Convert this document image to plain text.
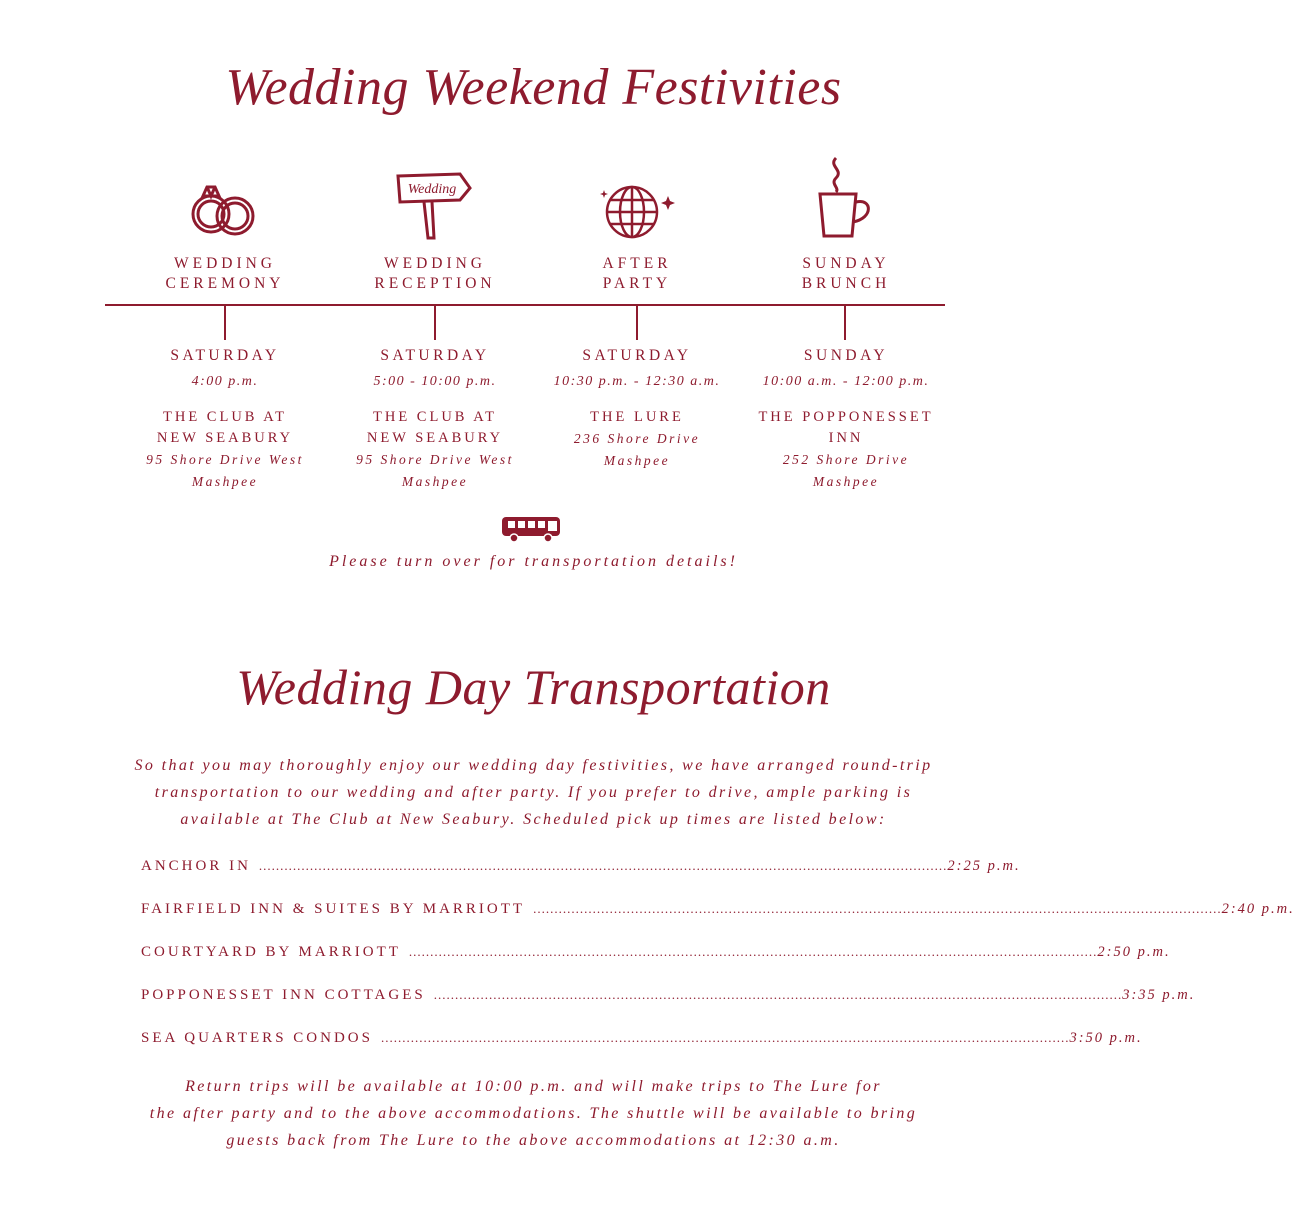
Wedding Weekend Festivities
WEDDING
CEREMONY
Wedding
WEDDING
RECEPTION
AFTER
PARTY
SUNDAY
BRUNCH
SATURDAY
4:00 p.m.
THE CLUB AT
NEW SEABURY
95 Shore Drive West
Mashpee
SATURDAY
5:00 - 10:00 p.m.
THE CLUB AT
NEW SEABURY
95 Shore Drive West
Mashpee
SATURDAY
10:30 p.m. - 12:30 a.m.
THE LURE
236 Shore Drive
Mashpee
SUNDAY
10:00 a.m. - 12:00 p.m.
THE POPPONESSET
INN
252 Shore Drive
Mashpee
Please turn over for transportation details!
Wedding Day Transportation
So that you may thoroughly enjoy our wedding day festivities, we have arranged round-trip
transportation to our wedding and after party. If you prefer to drive, ample parking is
available at The Club at New Seabury. Scheduled pick up times are listed below:
ANCHOR IN .................................................................................................................................................................. 2:25 p.m.
FAIRFIELD INN & SUITES BY MARRIOTT .................................................................................................................................................................. 2:40 p.m.
COURTYARD BY MARRIOTT .................................................................................................................................................................. 2:50 p.m.
POPPONESSET INN COTTAGES .................................................................................................................................................................. 3:35 p.m.
SEA QUARTERS CONDOS .................................................................................................................................................................. 3:50 p.m.
Return trips will be available at 10:00 p.m. and will make trips to The Lure for
the after party and to the above accommodations. The shuttle will be available to bring
guests back from The Lure to the above accommodations at 12:30 a.m.
